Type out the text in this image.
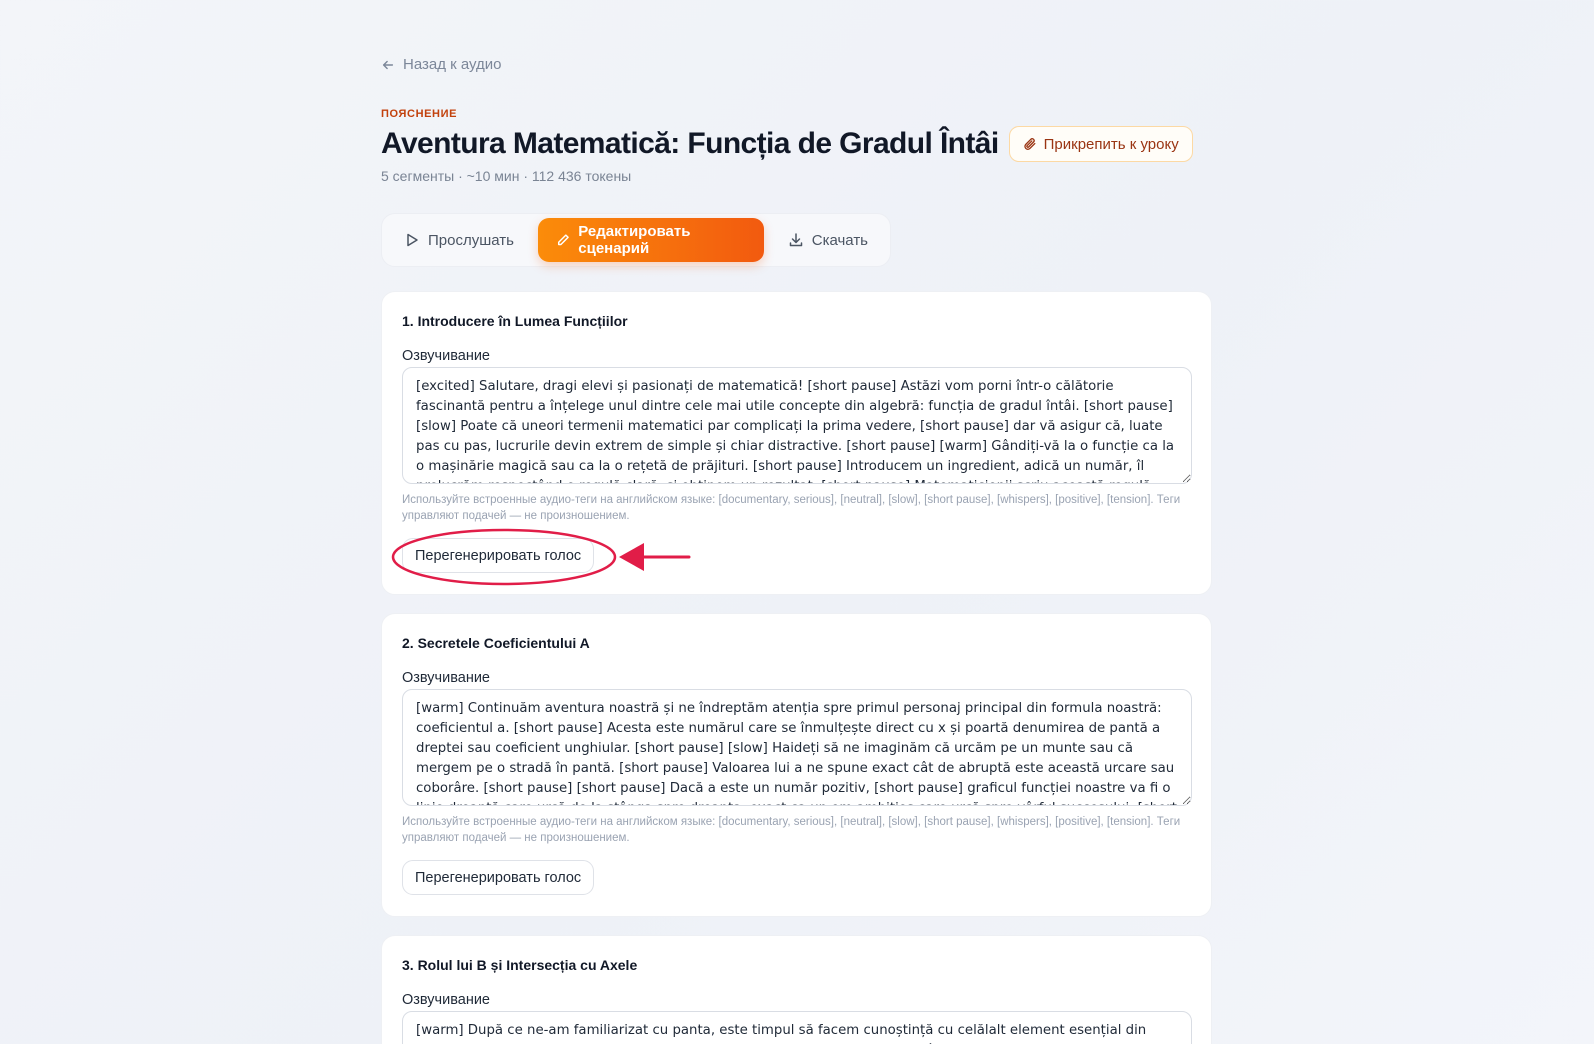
Назад к аудио
ПОЯСНЕНИЕ
Aventura Matematică: Funcția de Gradul Întâi	Прикрепить к уроку
5 сегменты · ~10 мин · 112 436 токены
Прослушать	Редактировать сценарий	Скачать
1. Introducere în Lumea Funcțiilor
Озвучивание
[excited] Salutare, dragi elevi și pasionați de matematică! [short pause] Astăzi vom porni într-o călătorie fascinantă pentru a înțelege unul dintre cele mai utile concepte din algebră: funcția de gradul întâi. [short pause] [slow] Poate că uneori termenii matematici par complicați la prima vedere, [short pause] dar vă asigur că, luate pas cu pas, lucrurile devin extrem de simple și chiar distractive. [short pause] [warm] Gândiți-vă la o funcție ca la o mașinărie magică sau ca la o rețetă de prăjituri. [short pause] Introducem un ingredient, adică un număr, îl prelucrăm respectând o regulă clară, și obținem un rezultat. [short pause] Matematicienii scriu această regulă sub o formă
Используйте встроенные аудио-теги на английском языке: [documentary, serious], [neutral], [slow], [short pause], [whispers], [positive], [tension]. Теги управляют подачей — не произношением.
Перегенерировать голос
2. Secretele Coeficientului A
Озвучивание
[warm] Continuăm aventura noastră și ne îndreptăm atenția spre primul personaj principal din formula noastră: coeficientul a. [short pause] Acesta este numărul care se înmulțește direct cu x și poartă denumirea de pantă a dreptei sau coeficient unghiular. [short pause] [slow] Haideți să ne imaginăm că urcăm pe un munte sau că mergem pe o stradă în pantă. [short pause] Valoarea lui a ne spune exact cât de abruptă este această urcare sau coborâre. [short pause] [short pause] Dacă a este un număr pozitiv, [short pause] graficul funcției noastre va fi o linie dreaptă care urcă de la stânga spre dreapta, exact ca un om ambițios care urcă spre vârful succesului. [short
Используйте встроенные аудио-теги на английском языке: [documentary, serious], [neutral], [slow], [short pause], [whispers], [positive], [tension]. Теги управляют подачей — не произношением.
Перегенерировать голос
3. Rolul lui B și Intersecția cu Axele
Озвучивание
[warm] După ce ne-am familiarizat cu panta, este timpul să facem cunoștință cu celălalt element esențial din ecuația noastră: termenul liber b. [short pause] Dacă coeficientul a ne arăta înclinația, b vine să ne ofere un punct
